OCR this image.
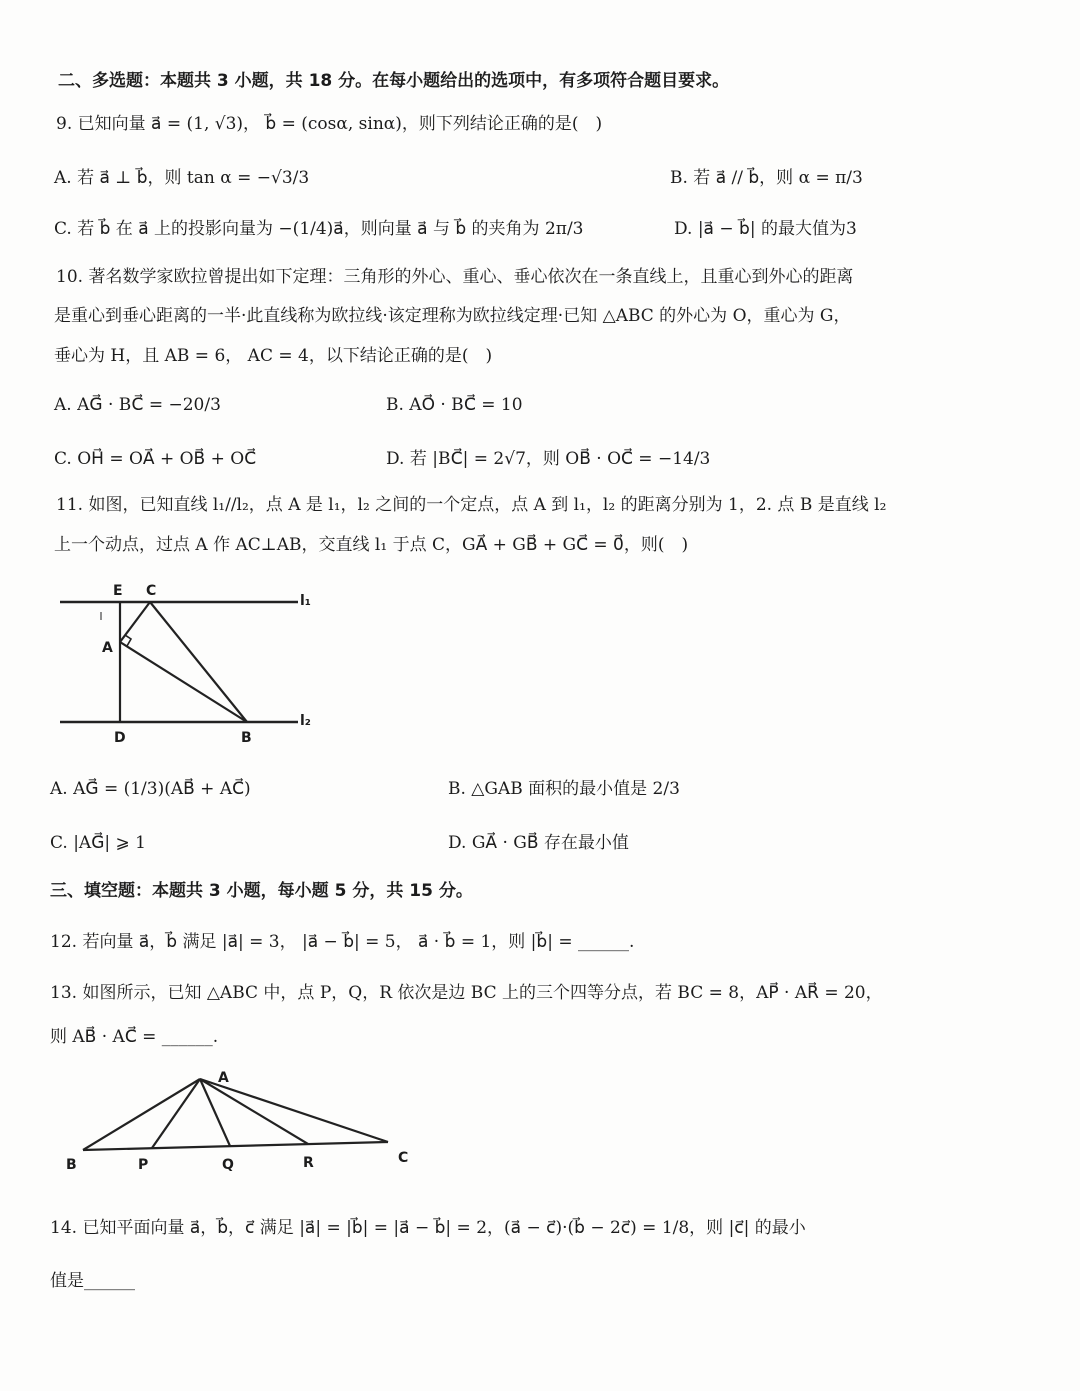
二、多选题：本题共 3 小题，共 18 分。在每小题给出的选项中，有多项符合题目要求。
9. 已知向量 a⃗ = (1, √3)， b⃗ = (cosα, sinα)，则下列结论正确的是(　)
A. 若 a⃗ ⊥ b⃗，则 tan α = −√3/3	B. 若 a⃗ // b⃗，则 α = π/3
C. 若 b⃗ 在 a⃗ 上的投影向量为 −(1/4)a⃗，则向量 a⃗ 与 b⃗ 的夹角为 2π/3	D. |a⃗ − b⃗| 的最大值为3
10. 著名数学家欧拉曾提出如下定理：三角形的外心、重心、垂心依次在一条直线上，且重心到外心的距离
是重心到垂心距离的一半·此直线称为欧拉线·该定理称为欧拉线定理·已知 △ABC 的外心为 O，重心为 G，
垂心为 H，且 AB = 6， AC = 4，以下结论正确的是(　)
A. AG⃗ · BC⃗ = −20/3	B. AO⃗ · BC⃗ = 10
C. OH⃗ = OA⃗ + OB⃗ + OC⃗	D. 若 |BC⃗| = 2√7，则 OB⃗ · OC⃗ = −14/3
11. 如图，已知直线 l₁//l₂，点 A 是 l₁，l₂ 之间的一个定点，点 A 到 l₁，l₂ 的距离分别为 1，2. 点 B 是直线 l₂
上一个动点，过点 A 作 AC⊥AB，交直线 l₁ 于点 C，GA⃗ + GB⃗ + GC⃗ = 0⃗，则(　)
E C
A
D	B
l₁
l₂
A. AG⃗ = (1/3)(AB⃗ + AC⃗)	B. △GAB 面积的最小值是 2/3
C. |AG⃗| ⩾ 1	D. GA⃗ · GB⃗ 存在最小值
三、填空题：本题共 3 小题，每小题 5 分，共 15 分。
12. 若向量 a⃗，b⃗ 满足 |a⃗| = 3， |a⃗ − b⃗| = 5， a⃗ · b⃗ = 1，则 |b⃗| = ______.
13. 如图所示，已知 △ABC 中，点 P，Q，R 依次是边 BC 上的三个四等分点，若 BC = 8，AP⃗ · AR⃗ = 20，
则 AB⃗ · AC⃗ = ______.
A
B	P	Q	R	C
14. 已知平面向量 a⃗，b⃗，c⃗ 满足 |a⃗| = |b⃗| = |a⃗ − b⃗| = 2，(a⃗ − c⃗)·(b⃗ − 2c⃗) = 1/8，则 |c⃗| 的最小
值是______
